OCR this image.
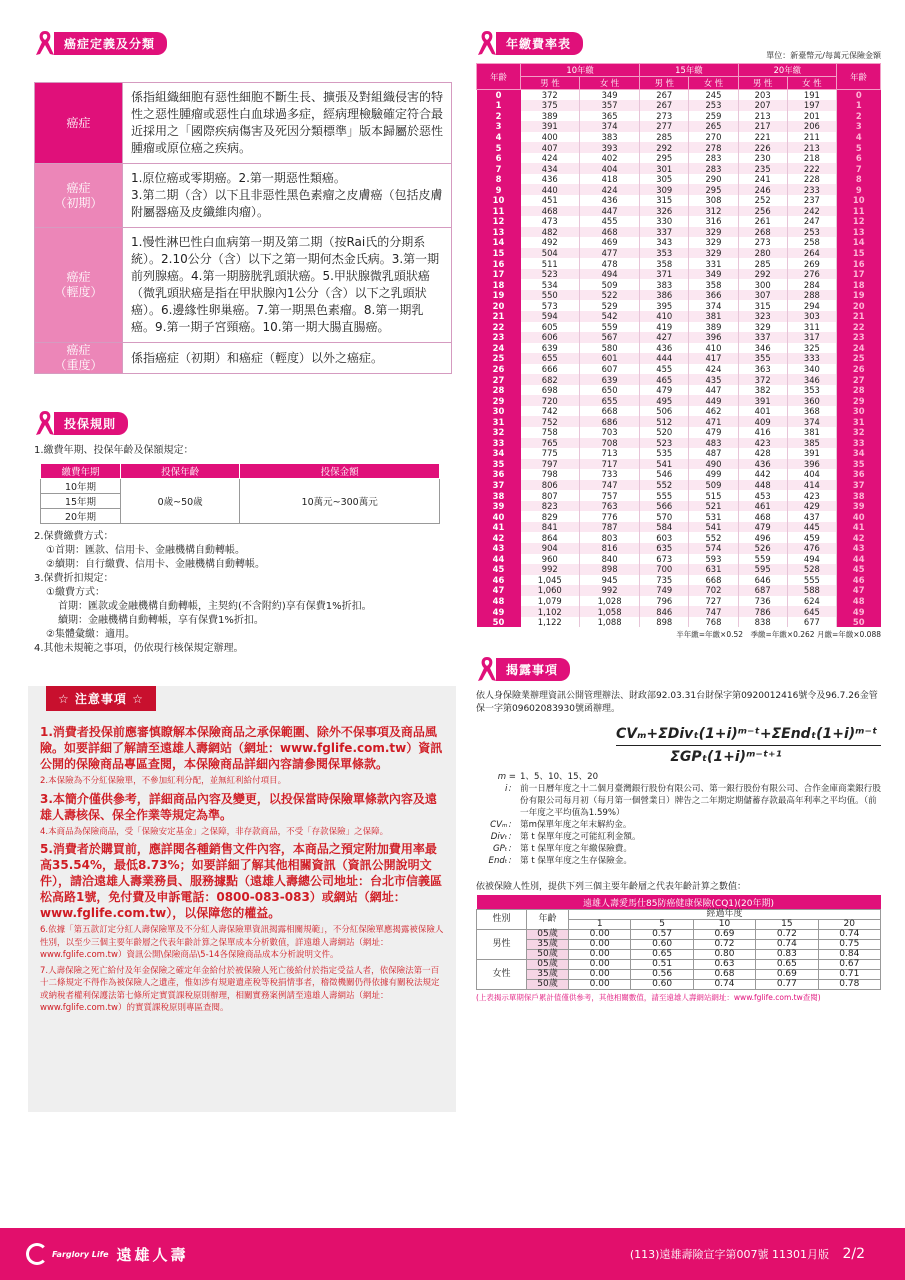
癌症定義及分類
癌症	係指組織細胞有惡性細胞不斷生長、擴張及對組織侵害的特性之惡性腫瘤或惡性白血球過多症，經病理檢驗確定符合最近採用之「國際疾病傷害及死因分類標準」版本歸屬於惡性腫瘤或原位癌之疾病。
癌症
（初期）	1.原位癌或零期癌。2.第一期惡性類癌。
3.第二期（含）以下且非惡性黑色素瘤之皮膚癌（包括皮膚附屬器癌及皮纖維肉瘤）。
癌症
（輕度）	1.慢性淋巴性白血病第一期及第二期（按Rai氏的分期系統）。2.10公分（含）以下之第一期何杰金氏病。3.第一期前列腺癌。4.第一期膀胱乳頭狀癌。5.甲狀腺微乳頭狀癌（微乳頭狀癌是指在甲狀腺內1公分（含）以下之乳頭狀癌）。6.邊緣性卵巢癌。7.第一期黑色素瘤。8.第一期乳癌。9.第一期子宮頸癌。10.第一期大腸直腸癌。
癌症
（重度）	係指癌症（初期）和癌症（輕度）以外之癌症。
投保規則
1.繳費年期、投保年齡及保額規定：
繳費年期	投保年齡	投保金額
10年期	0歲~50歲	10萬元~300萬元
15年期		
20年期		
2.保費繳費方式：
①首期：匯款、信用卡、金融機構自動轉帳。
②續期：自行繳費、信用卡、金融機構自動轉帳。
3.保費折扣規定：
①繳費方式：
首期：匯款或金融機構自動轉帳，主契約(不含附約)享有保費1%折扣。
續期：金融機構自動轉帳，享有保費1%折扣。
②集體彙繳：適用。
4.其他未規範之事項，仍依現行核保規定辦理。
☆ 注意事項 ☆
1.消費者投保前應審慎瞭解本保險商品之承保範圍、除外不保事項及商品風險。如要詳細了解請至遠雄人壽網站（網址：www.fglife.com.tw）資訊公開的保險商品專區查閱，本保險商品詳細內容請參閱保單條款。
2.本保險為不分紅保險單，不參加紅利分配，並無紅利給付項目。
3.本簡介僅供參考，詳細商品內容及變更，以投保當時保險單條款內容及遠雄人壽核保、保全作業等規定為準。
4.本商品為保險商品，受「保險安定基金」之保障，非存款商品，不受「存款保險」之保障。
5.消費者於購買前，應詳閱各種銷售文件內容，本商品之預定附加費用率最高35.54%，最低8.73%；如要詳細了解其他相關資訊（資訊公開說明文件），請洽遠雄人壽業務員、服務據點（遠雄人壽總公司地址：台北市信義區松高路1號，免付費及申訴電話：0800-083-083）或網站（網址：www.fglife.com.tw），以保障您的權益。
6.依據「第五款訂定分紅人壽保險單及不分紅人壽保險單資訊揭露相關規範」，不分紅保險單應揭露被保險人性別，以至少三個主要年齡層之代表年齡計算之保單成本分析數值，詳遠雄人壽網站（網址：www.fglife.com.tw）資訊公開\保險商品\5-14各保險商品成本分析說明文件。
7.人壽保險之死亡給付及年金保險之確定年金給付於被保險人死亡後給付於指定受益人者，依保險法第一百十二條規定不得作為被保險人之遺產，惟如涉有規避遺產稅等稅捐情事者，稽徵機關仍得依據有關稅法規定或納稅者權利保護法第七條所定實質課稅原則辦理，相關實務案例請至遠雄人壽網站（網址：www.fglife.com.tw）的實質課稅原則專區查閱。
年繳費率表
單位：新臺幣元/每萬元保險金額
年齡	10年繳		15年繳		20年繳		年齡
	男 性	女 性	男 性	女 性	男 性	女 性	
0	372	349	267	245	203	191	0
1	375	357	267	253	207	197	1
2	389	365	273	259	213	201	2
3	391	374	277	265	217	206	3
4	400	383	285	270	221	211	4
5	407	393	292	278	226	213	5
6	424	402	295	283	230	218	6
7	434	404	301	283	235	222	7
8	436	418	305	290	241	228	8
9	440	424	309	295	246	233	9
10	451	436	315	308	252	237	10
11	468	447	326	312	256	242	11
12	473	455	330	316	261	247	12
13	482	468	337	329	268	253	13
14	492	469	343	329	273	258	14
15	504	477	353	329	280	264	15
16	511	478	358	331	285	269	16
17	523	494	371	349	292	276	17
18	534	509	383	358	300	284	18
19	550	522	386	366	307	288	19
20	573	529	395	374	315	294	20
21	594	542	410	381	323	303	21
22	605	559	419	389	329	311	22
23	606	567	427	396	337	317	23
24	639	580	436	410	346	325	24
25	655	601	444	417	355	333	25
26	666	607	455	424	363	340	26
27	682	639	465	435	372	346	27
28	698	650	479	447	382	353	28
29	720	655	495	449	391	360	29
30	742	668	506	462	401	368	30
31	752	686	512	471	409	374	31
32	758	703	520	479	416	381	32
33	765	708	523	483	423	385	33
34	775	713	535	487	428	391	34
35	797	717	541	490	436	396	35
36	798	733	546	499	442	404	36
37	806	747	552	509	448	414	37
38	807	757	555	515	453	423	38
39	823	763	566	521	461	429	39
40	829	776	570	531	468	437	40
41	841	787	584	541	479	445	41
42	864	803	603	552	496	459	42
43	904	816	635	574	526	476	43
44	960	840	673	593	559	494	44
45	992	898	700	631	595	528	45
46	1,045	945	735	668	646	555	46
47	1,060	992	749	702	687	588	47
48	1,079	1,028	796	727	736	624	48
49	1,102	1,058	846	747	786	645	49
50	1,122	1,088	898	768	838	677	50
半年繳=年繳×0.52　季繳=年繳×0.262 月繳=年繳×0.088
揭露事項
依人身保險業辦理資訊公開管理辦法、財政部92.03.31台財保字第0920012416號令及96.7.26金管保一字第09602083930號函辦理。
CVₘ+ΣDivₜ(1+i)ᵐ⁻ᵗ+ΣEndₜ(1+i)ᵐ⁻ᵗ
ΣGPₜ(1+i)ᵐ⁻ᵗ⁺¹
m = 1、5、10、15、20
i： 前一日曆年度之十二個月臺灣銀行股份有限公司、第一銀行股份有限公司、合作金庫商業銀行股份有限公司每月初（每月第一個營業日）牌告之二年期定期儲蓄存款最高年利率之平均值。（前一年度之平均值為1.59%）
CVₘ： 第m保單年度之年末解約金。
Divₜ： 第 t 保單年度之可能紅利金額。
GPₜ： 第 t 保單年度之年繳保險費。
Endₜ： 第 t 保單年度之生存保險金。
依被保險人性別，提供下列三個主要年齡層之代表年齡計算之數值：
遠雄人壽愛馬仕85防癌健康保險(CQ1)(20年期)						
性別	年齡	經過年度				
		1	5	10	15	20
男性	05歲	0.00	0.57	0.69	0.72	0.74
	35歲	0.00	0.60	0.72	0.74	0.75
	50歲	0.00	0.65	0.80	0.83	0.84
女性	05歲	0.00	0.51	0.63	0.65	0.67
	35歲	0.00	0.56	0.68	0.69	0.71
	50歲	0.00	0.60	0.74	0.77	0.78
(上表揭示單期保戶累計值僅供參考，其他相關數值，請至遠雄人壽網站網址：www.fglife.com.tw查閱)
Farglory Life 遠雄人壽	(113)遠雄壽險宣字第007號 11301月版 2/2
